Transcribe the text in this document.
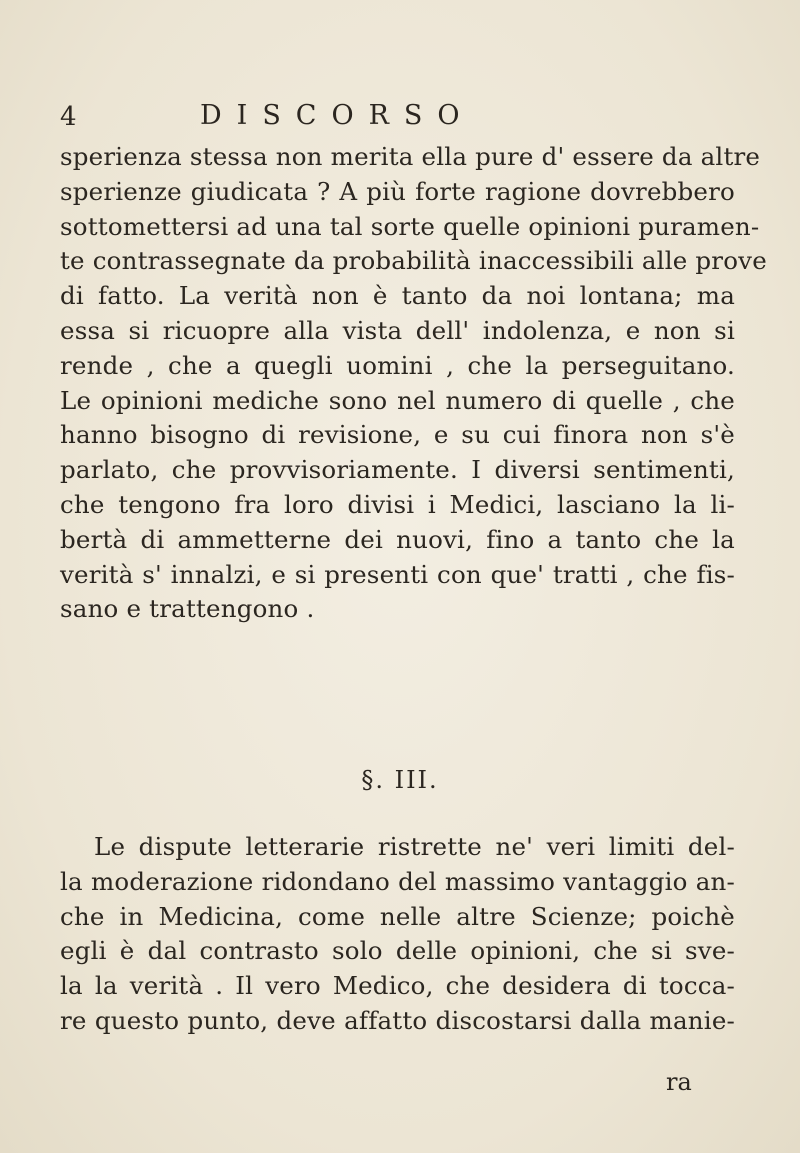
4	DISCORSO
sperienza stessa non merita ella pure d' essere da altre
sperienze giudicata ? A più forte ragione dovrebbero
sottomettersi ad una tal sorte quelle opinioni puramen-
te contrassegnate da probabilità inaccessibili alle prove
di fatto. La verità non è tanto da noi lontana; ma
essa si ricuopre alla vista dell' indolenza, e non si
rende , che a quegli uomini , che la perseguitano.
Le opinioni mediche sono nel numero di quelle , che
hanno bisogno di revisione, e su cui finora non s'è
parlato, che provvisoriamente. I diversi sentimenti,
che tengono fra loro divisi i Medici, lasciano la li-
bertà di ammetterne dei nuovi, fino a tanto che la
verità s' innalzi, e si presenti con que' tratti , che fis-
sano e trattengono .
§. III.
Le dispute letterarie ristrette ne' veri limiti del-
la moderazione ridondano del massimo vantaggio an-
che in Medicina, come nelle altre Scienze; poichè
egli è dal contrasto solo delle opinioni, che si sve-
la la verità . Il vero Medico, che desidera di tocca-
re questo punto, deve affatto discostarsi dalla manie-
ra
